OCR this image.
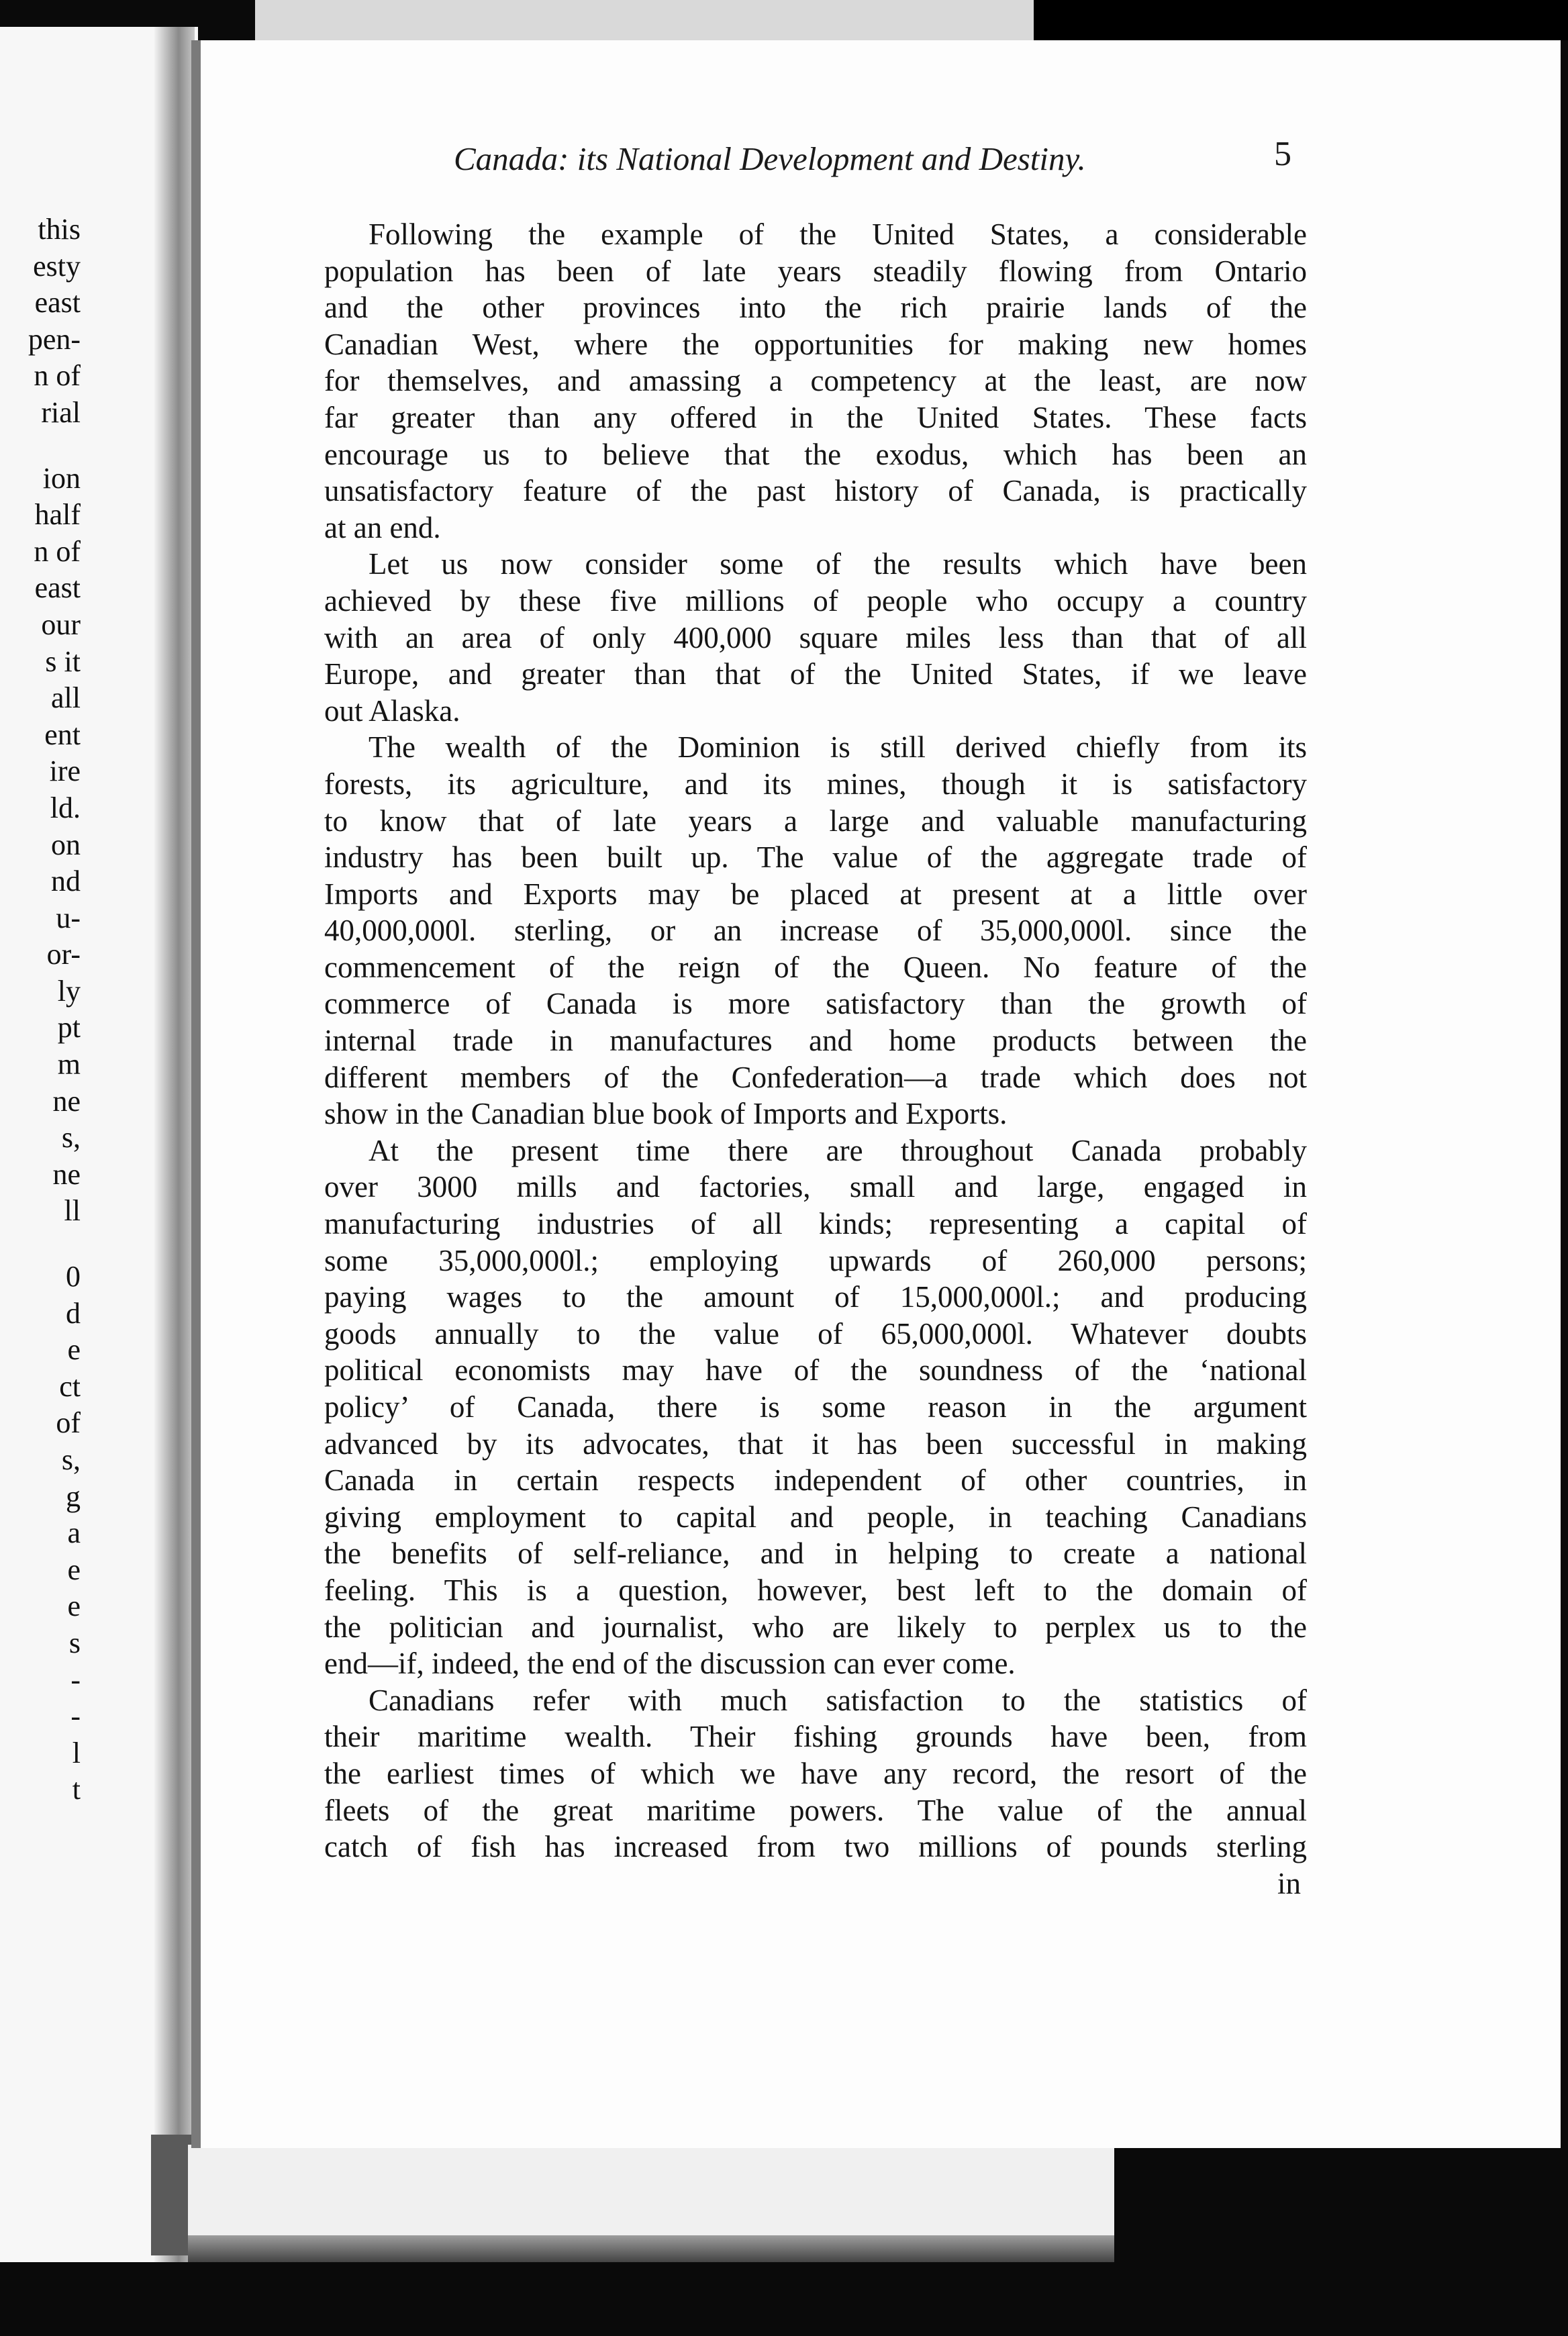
this
esty
east
pen-
n of
rial
ion
half
n of
east
our
s it
all
ent
ire
ld.
on
nd
u-
or-
ly
pt
m
ne
s,
ne
ll
0
d
e
ct
of
s,
g
a
e
e
s
-
-
l
t
Canada: its National Development and Destiny.	5
Following the example of the United States, a considerable
population has been of late years steadily flowing from Ontario
and the other provinces into the rich prairie lands of the
Canadian West, where the opportunities for making new homes
for themselves, and amassing a competency at the least, are now
far greater than any offered in the United States. These facts
encourage us to believe that the exodus, which has been an
unsatisfactory feature of the past history of Canada, is practically
at an end.
Let us now consider some of the results which have been
achieved by these five millions of people who occupy a country
with an area of only 400,000 square miles less than that of all
Europe, and greater than that of the United States, if we leave
out Alaska.
The wealth of the Dominion is still derived chiefly from its
forests, its agriculture, and its mines, though it is satisfactory
to know that of late years a large and valuable manufacturing
industry has been built up. The value of the aggregate trade of
Imports and Exports may be placed at present at a little over
40,000,000l. sterling, or an increase of 35,000,000l. since the
commencement of the reign of the Queen. No feature of the
commerce of Canada is more satisfactory than the growth of
internal trade in manufactures and home products between the
different members of the Confederation—a trade which does not
show in the Canadian blue book of Imports and Exports.
At the present time there are throughout Canada probably
over 3000 mills and factories, small and large, engaged in
manufacturing industries of all kinds; representing a capital of
some 35,000,000l.; employing upwards of 260,000 persons;
paying wages to the amount of 15,000,000l.; and producing
goods annually to the value of 65,000,000l. Whatever doubts
political economists may have of the soundness of the ‘national
policy’ of Canada, there is some reason in the argument
advanced by its advocates, that it has been successful in making
Canada in certain respects independent of other countries, in
giving employment to capital and people, in teaching Canadians
the benefits of self-reliance, and in helping to create a national
feeling. This is a question, however, best left to the domain of
the politician and journalist, who are likely to perplex us to the
end—if, indeed, the end of the discussion can ever come.
Canadians refer with much satisfaction to the statistics of
their maritime wealth. Their fishing grounds have been, from
the earliest times of which we have any record, the resort of the
fleets of the great maritime powers. The value of the annual
catch of fish has increased from two millions of pounds sterling
in
